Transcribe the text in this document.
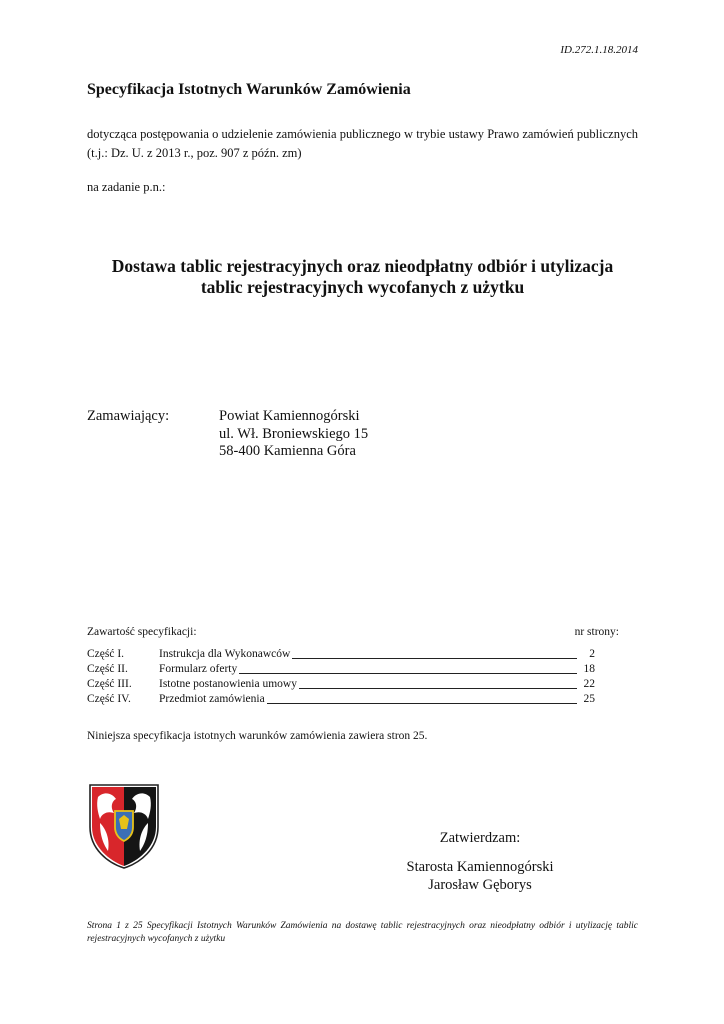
ID.272.1.18.2014
Specyfikacja Istotnych Warunków Zamówienia
dotycząca postępowania o udzielenie zamówienia publicznego w trybie ustawy Prawo zamówień publicznych (t.j.: Dz. U. z 2013 r., poz. 907 z późn. zm)
na zadanie p.n.:
Dostawa tablic rejestracyjnych oraz nieodpłatny odbiór i utylizacja
tablic rejestracyjnych wycofanych z użytku
Zamawiający:	Powiat Kamiennogórski
ul. Wł. Broniewskiego 15
58-400 Kamienna Góra
Zawartość specyfikacji:	nr strony:
Część I.	Instrukcja dla Wykonawców	2
Część II.	Formularz oferty	18
Część III.	Istotne postanowienia umowy	22
Część IV.	Przedmiot zamówienia	25
Niniejsza specyfikacja istotnych warunków zamówienia zawiera stron 25.
Zatwierdzam:
Starosta Kamiennogórski
Jarosław Gęborys
Strona 1 z 25 Specyfikacji Istotnych Warunków Zamówienia na dostawę tablic rejestracyjnych oraz nieodpłatny odbiór i utylizację tablic rejestracyjnych wycofanych z użytku
